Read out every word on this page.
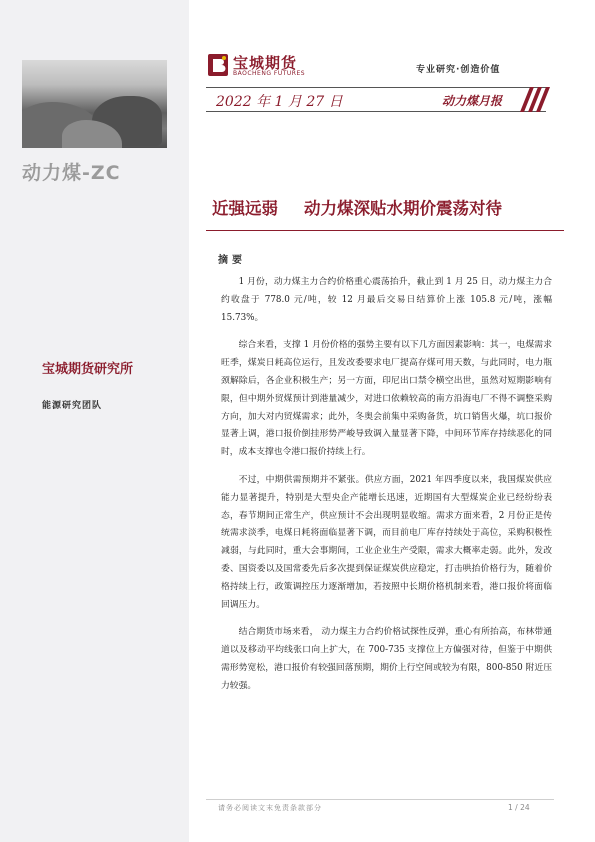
动力煤-ZC
宝城期货研究所
能源研究团队
宝城期货
BAOCHENG FUTURES	专业研究·创造价值
2022 年 1 月 27 日	动力煤月报
近强远弱 动力煤深贴水期价震荡对待
摘要

1 月份，动力煤主力合约价格重心震荡抬升，截止到 1 月 25 日，动力煤主力合约收盘于 778.0 元/吨，较 12 月最后交易日结算价上涨 105.8 元/吨，涨幅 15.73%。

综合来看，支撑 1 月份价格的强势主要有以下几方面因素影响：其一，电煤需求旺季，煤炭日耗高位运行，且发改委要求电厂提高存煤可用天数，与此同时，电力瓶颈解除后，各企业积极生产；另一方面，印尼出口禁令横空出世，虽然对短期影响有限，但中期外贸煤预计到港量减少，对进口依赖较高的南方沿海电厂不得不调整采购方向，加大对内贸煤需求；此外，冬奥会前集中采购备货，坑口销售火爆，坑口报价显著上调，港口报价倒挂形势严峻导致调入量显著下降，中间环节库存持续恶化的同时，成本支撑也令港口报价持续上行。

不过，中期供需预期并不紧张。供应方面，2021 年四季度以来，我国煤炭供应能力显著提升，特别是大型央企产能增长迅速，近期国有大型煤炭企业已经纷纷表态，春节期间正常生产，供应预计不会出现明显收缩。需求方面来看，2 月份正是传统需求淡季，电煤日耗将面临显著下调，而目前电厂库存持续处于高位，采购积极性减弱，与此同时，重大会事期间，工业企业生产受限，需求大概率走弱。此外，发改委、国资委以及国常委先后多次提到保证煤炭供应稳定，打击哄抬价格行为，随着价格持续上行，政策调控压力逐渐增加，若按照中长期价格机制来看，港口报价将面临回调压力。

结合期货市场来看， 动力煤主力合约价格试探性反弹，重心有所抬高，布林带通道以及移动平均线张口向上扩大，在 700-735 支撑位上方偏强对待，但鉴于中期供需形势宽松，港口报价有较强回落预期，期价上行空间或较为有限，800-850 附近压力较强。

请务必阅读文末免责条款部分	1 / 24
